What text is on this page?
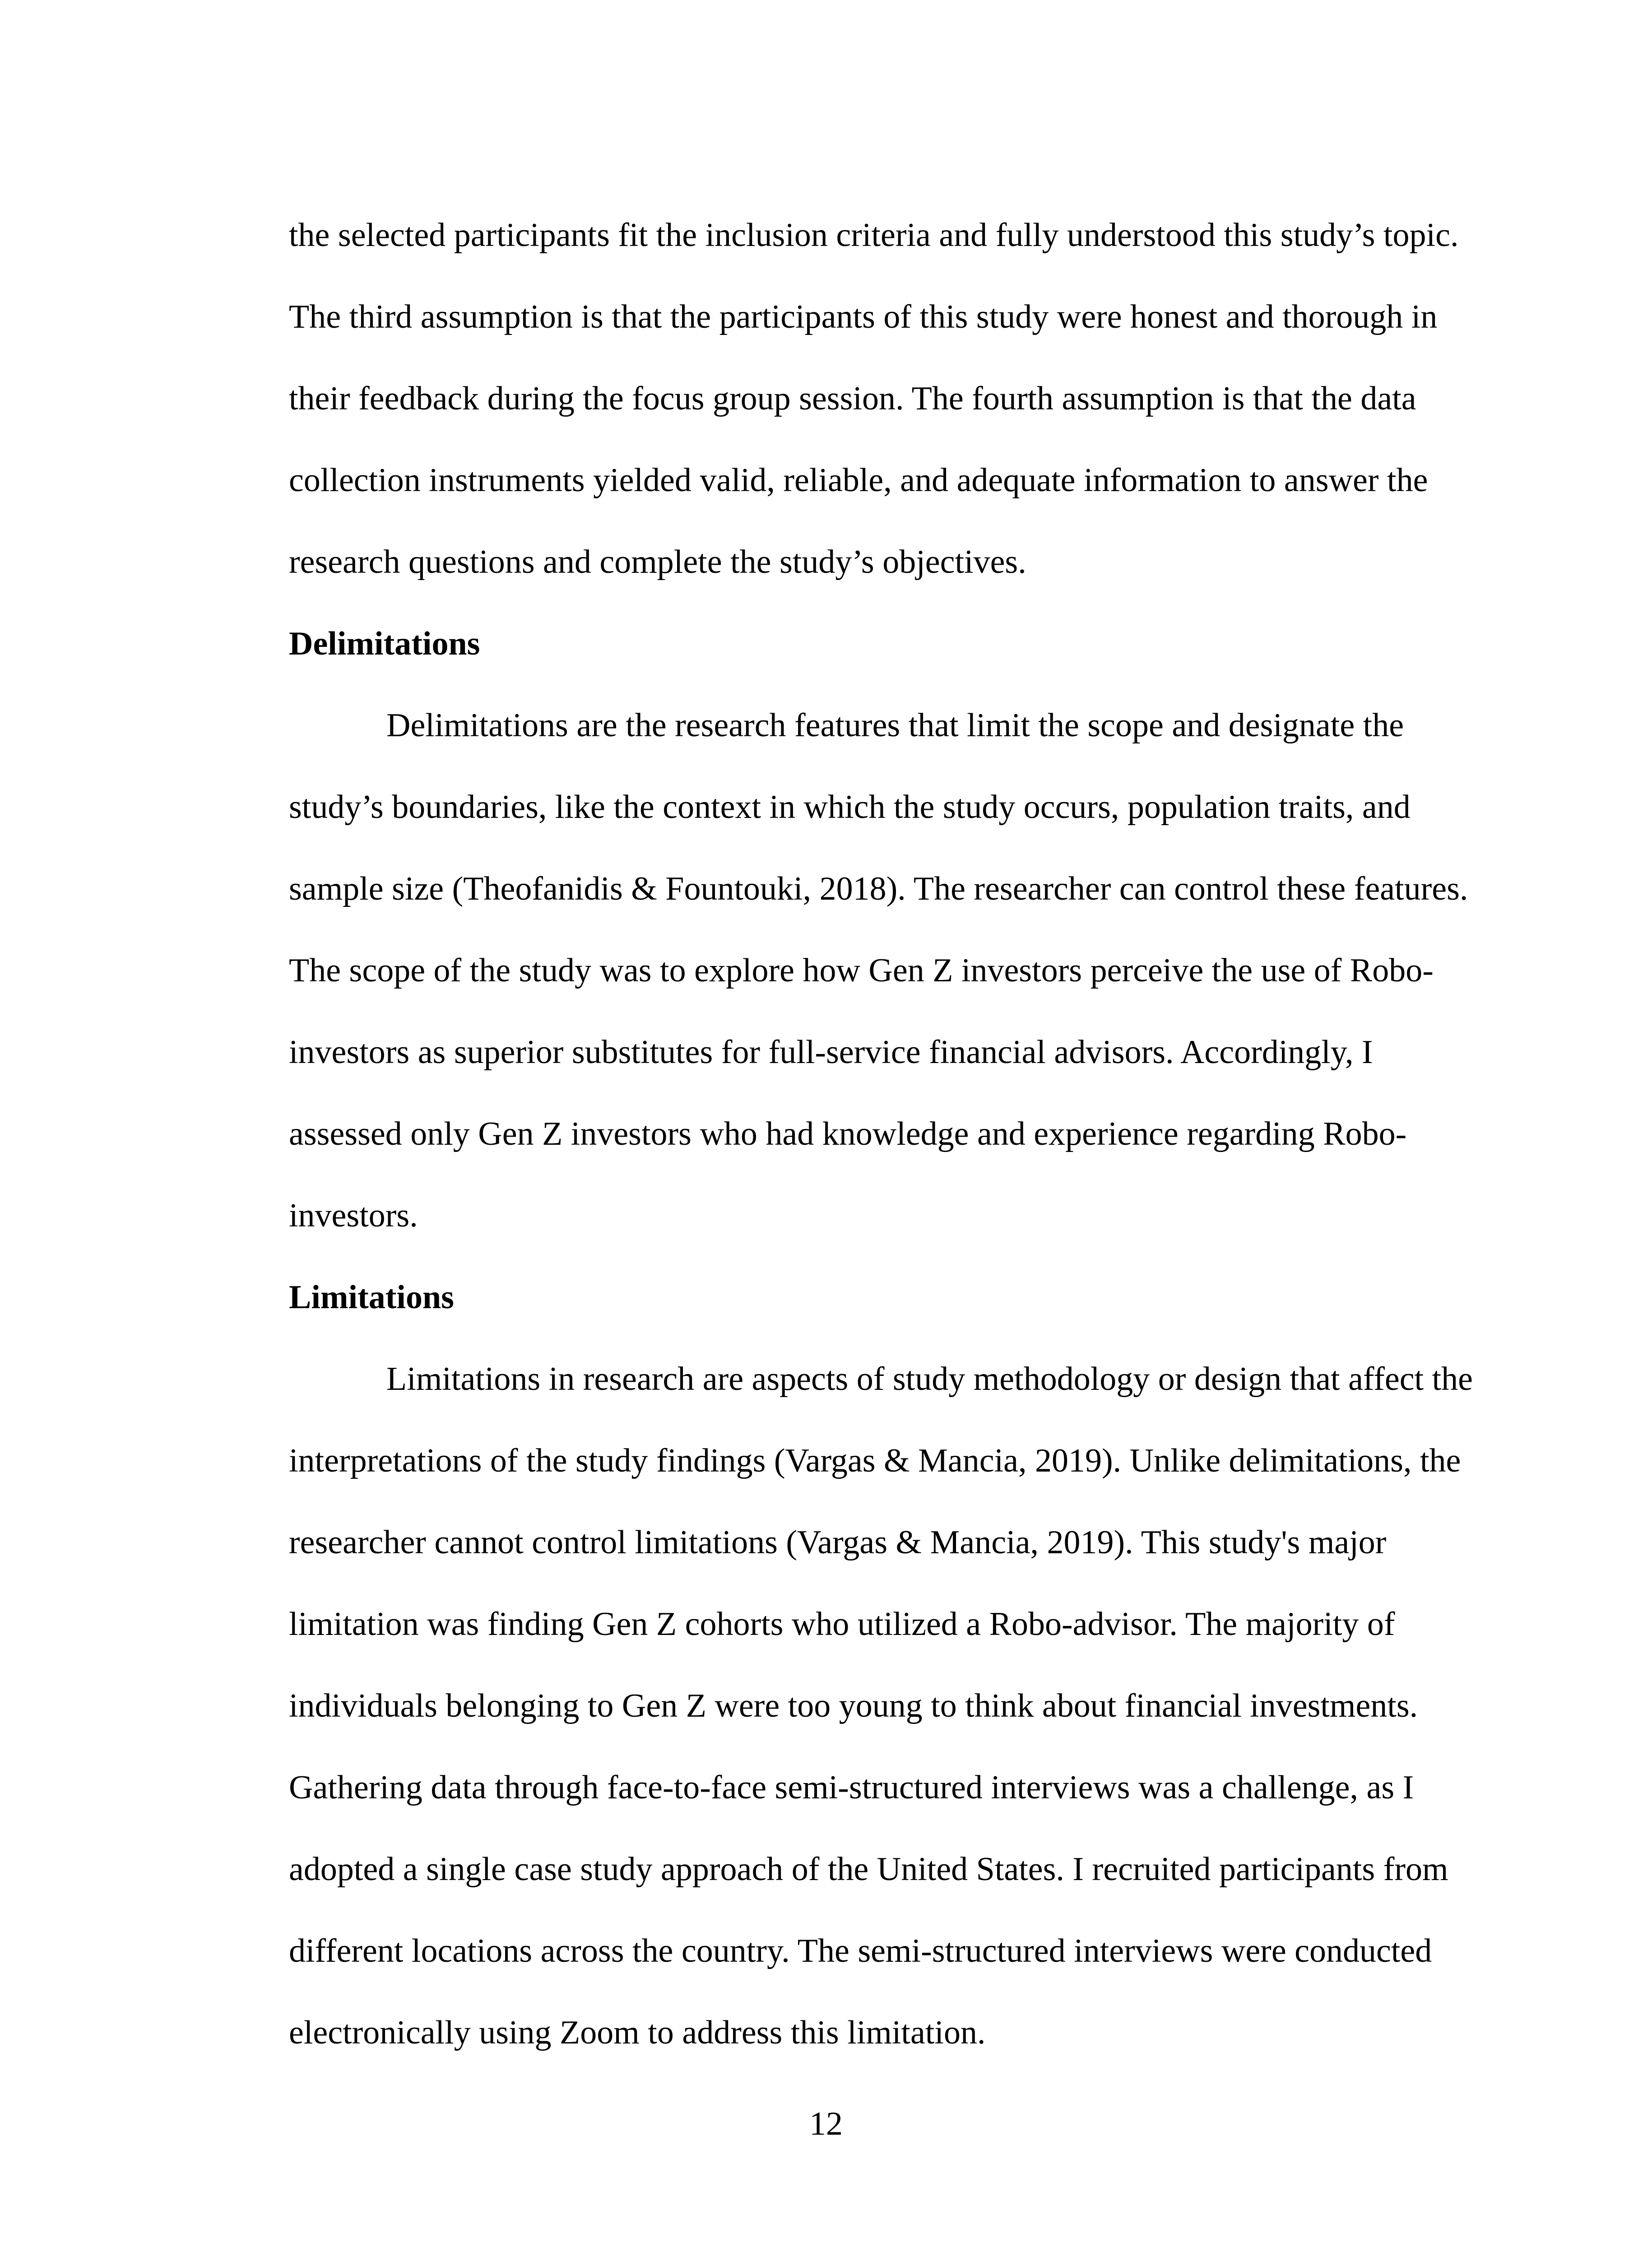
the selected participants fit the inclusion criteria and fully understood this study’s topic.
The third assumption is that the participants of this study were honest and thorough in
their feedback during the focus group session. The fourth assumption is that the data
collection instruments yielded valid, reliable, and adequate information to answer the
research questions and complete the study’s objectives.
Delimitations
Delimitations are the research features that limit the scope and designate the
study’s boundaries, like the context in which the study occurs, population traits, and
sample size (Theofanidis & Fountouki, 2018). The researcher can control these features.
The scope of the study was to explore how Gen Z investors perceive the use of Robo-
investors as superior substitutes for full-service financial advisors. Accordingly, I
assessed only Gen Z investors who had knowledge and experience regarding Robo-
investors.
Limitations
Limitations in research are aspects of study methodology or design that affect the
interpretations of the study findings (Vargas & Mancia, 2019). Unlike delimitations, the
researcher cannot control limitations (Vargas & Mancia, 2019). This study's major
limitation was finding Gen Z cohorts who utilized a Robo-advisor. The majority of
individuals belonging to Gen Z were too young to think about financial investments.
Gathering data through face-to-face semi-structured interviews was a challenge, as I
adopted a single case study approach of the United States. I recruited participants from
different locations across the country. The semi-structured interviews were conducted
electronically using Zoom to address this limitation.
12
